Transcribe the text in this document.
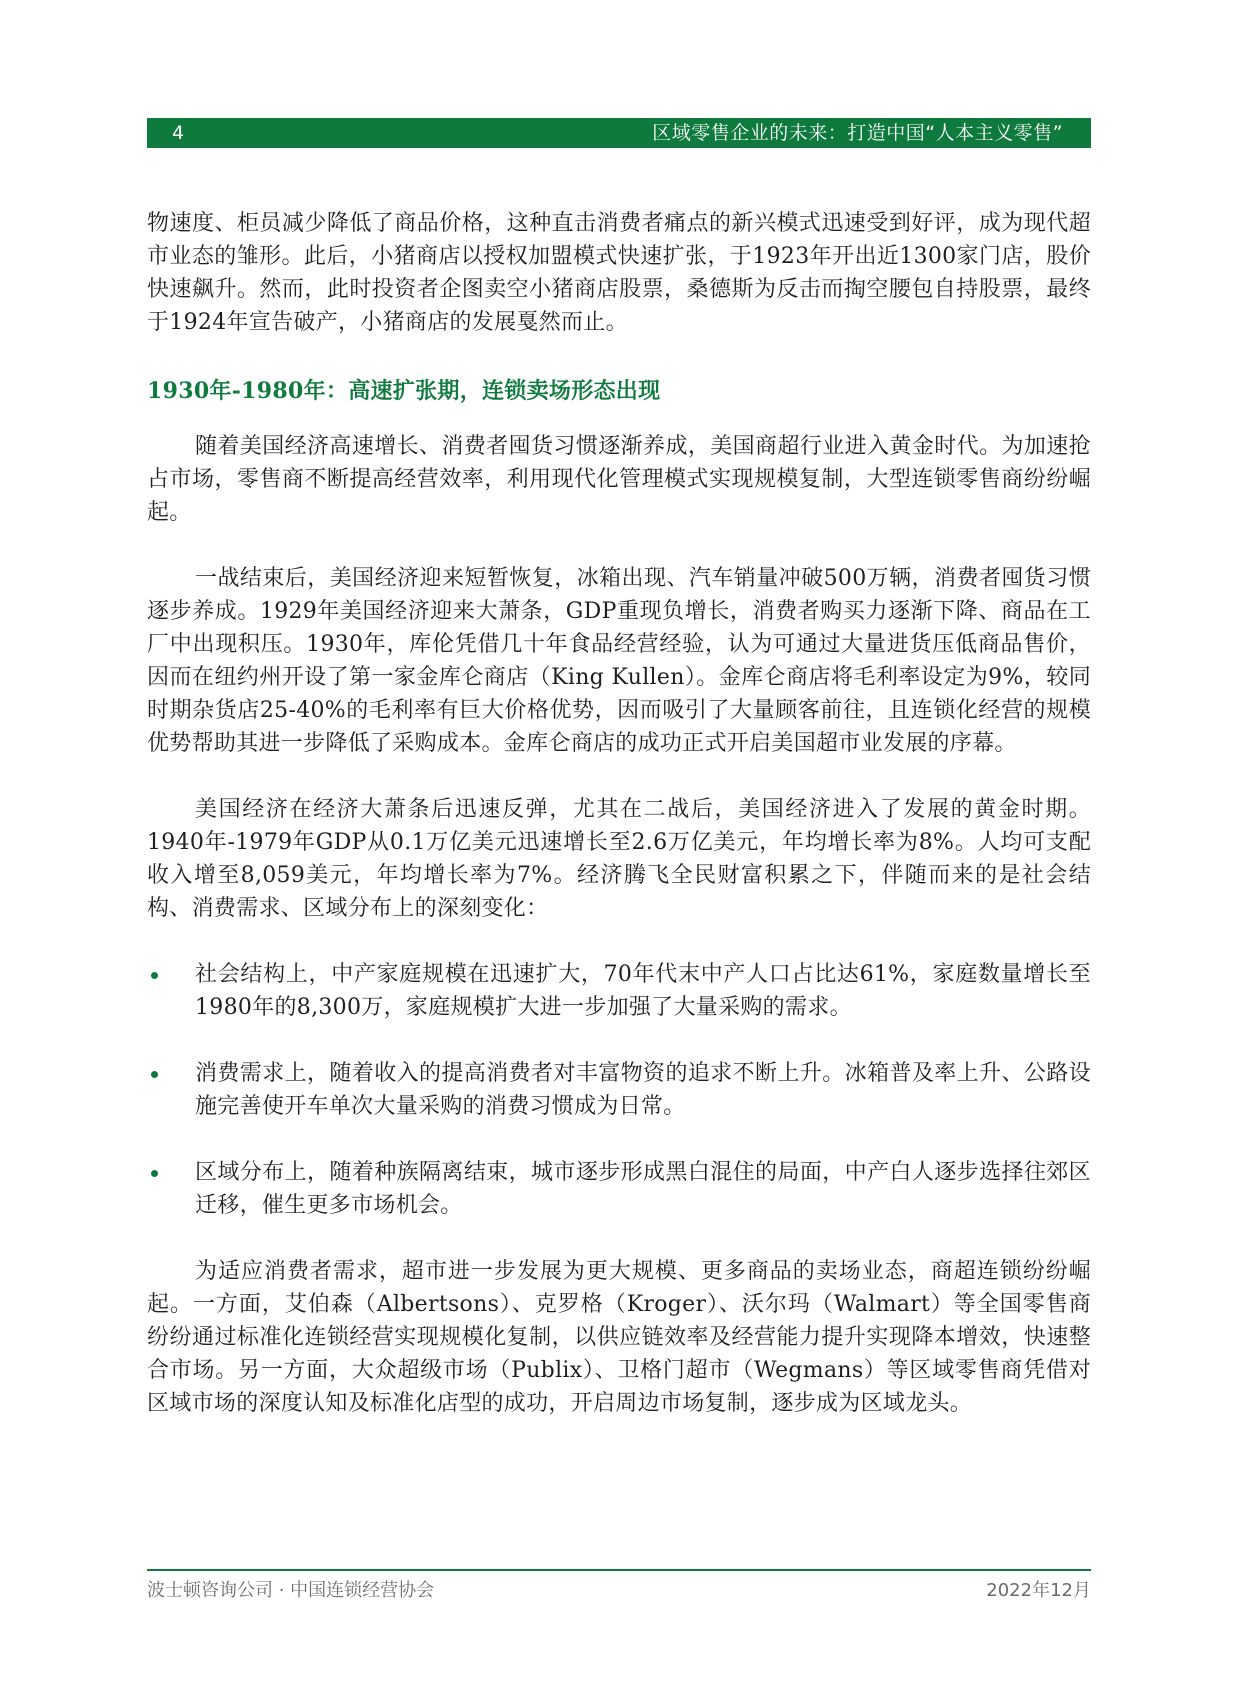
4	区域零售企业的未来：打造中国“人本主义零售”

物速度、柜员减少降低了商品价格，这种直击消费者痛点的新兴模式迅速受到好评，成为现代超市业态的雏形。此后，小猪商店以授权加盟模式快速扩张，于1923年开出近1300家门店，股价快速飙升。然而，此时投资者企图卖空小猪商店股票，桑德斯为反击而掏空腰包自持股票，最终于1924年宣告破产，小猪商店的发展戛然而止。

1930年-1980年：高速扩张期，连锁卖场形态出现

随着美国经济高速增长、消费者囤货习惯逐渐养成，美国商超行业进入黄金时代。为加速抢占市场，零售商不断提高经营效率，利用现代化管理模式实现规模复制，大型连锁零售商纷纷崛起。

一战结束后，美国经济迎来短暂恢复，冰箱出现、汽车销量冲破500万辆，消费者囤货习惯逐步养成。1929年美国经济迎来大萧条，GDP重现负增长，消费者购买力逐渐下降、商品在工厂中出现积压。1930年，库伦凭借几十年食品经营经验，认为可通过大量进货压低商品售价，因而在纽约州开设了第一家金库仑商店（King Kullen）。金库仑商店将毛利率设定为9%，较同时期杂货店25-40%的毛利率有巨大价格优势，因而吸引了大量顾客前往，且连锁化经营的规模优势帮助其进一步降低了采购成本。金库仑商店的成功正式开启美国超市业发展的序幕。

美国经济在经济大萧条后迅速反弹，尤其在二战后，美国经济进入了发展的黄金时期。1940年-1979年GDP从0.1万亿美元迅速增长至2.6万亿美元，年均增长率为8%。人均可支配收入增至8,059美元，年均增长率为7%。经济腾飞全民财富积累之下，伴随而来的是社会结构、消费需求、区域分布上的深刻变化：

社会结构上，中产家庭规模在迅速扩大，70年代末中产人口占比达61%，家庭数量增长至1980年的8,300万，家庭规模扩大进一步加强了大量采购的需求。
消费需求上，随着收入的提高消费者对丰富物资的追求不断上升。冰箱普及率上升、公路设施完善使开车单次大量采购的消费习惯成为日常。
区域分布上，随着种族隔离结束，城市逐步形成黑白混住的局面，中产白人逐步选择往郊区迁移，催生更多市场机会。

为适应消费者需求，超市进一步发展为更大规模、更多商品的卖场业态，商超连锁纷纷崛起。一方面，艾伯森（Albertsons）、克罗格（Kroger）、沃尔玛（Walmart）等全国零售商纷纷通过标准化连锁经营实现规模化复制，以供应链效率及经营能力提升实现降本增效，快速整合市场。另一方面，大众超级市场（Publix）、卫格门超市（Wegmans）等区域零售商凭借对区域市场的深度认知及标准化店型的成功，开启周边市场复制，逐步成为区域龙头。

波士顿咨询公司 · 中国连锁经营协会	2022年12月
